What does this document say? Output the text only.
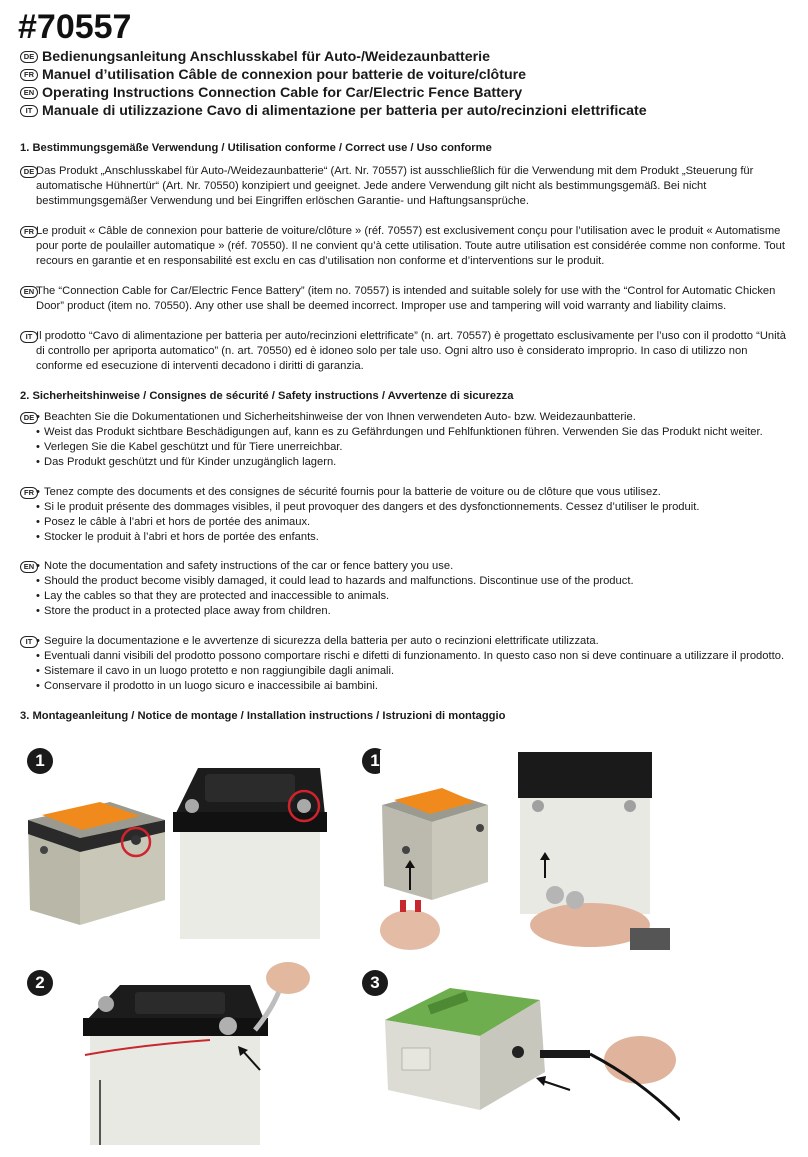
#70557
DE Bedienungsanleitung Anschlusskabel für Auto-/Weidezaunbatterie
FR Manuel d’utilisation Câble de connexion pour batterie de voiture/clôture
EN Operating Instructions Connection Cable for Car/Electric Fence Battery
IT Manuale di utilizzazione Cavo di alimentazione per batteria per auto/recinzioni elettrificate
1. Bestimmungsgemäße Verwendung / Utilisation conforme / Correct use / Uso conforme
DE Das Produkt „Anschlusskabel für Auto-/Weidezaunbatterie“ (Art. Nr. 70557) ist ausschließlich für die Verwendung mit dem Produkt „Steuerung für automatische Hühnertür“ (Art. Nr. 70550) konzipiert und geeignet. Jede andere Verwendung gilt nicht als bestimmungsgemäß. Bei nicht bestimmungsgemäßer Verwendung und bei Eingriffen erlöschen Garantie- und Haftungsansprüche.
FR Le produit « Câble de connexion pour batterie de voiture/clôture » (réf. 70557) est exclusivement conçu pour l’utilisation avec le produit « Automatisme pour porte de poulailler automatique » (réf. 70550). Il ne convient qu’à cette utilisation. Toute autre utilisation est considérée comme non conforme. Tout recours en garantie et en responsabilité est exclu en cas d’utilisation non conforme et d’interventions sur le produit.
EN The “Connection Cable for Car/Electric Fence Battery” (item no. 70557) is intended and suitable solely for use with the “Control for Automatic Chicken Door” product (item no. 70550). Any other use shall be deemed incorrect. Improper use and tampering will void warranty and liability claims.
IT Il prodotto “Cavo di alimentazione per batteria per auto/recinzioni elettrificate” (n. art. 70557) è progettato esclusivamente per l’uso con il prodotto “Unità di controllo per apriporta automatico” (n. art. 70550) ed è idoneo solo per tale uso. Ogni altro uso è considerato improprio. In caso di utilizzo non conforme ed esecuzione di interventi decadono i diritti di garanzia.
2. Sicherheitshinweise / Consignes de sécurité / Safety instructions / Avvertenze di sicurezza
DE • Beachten Sie die Dokumentationen und Sicherheitshinweise der von Ihnen verwendeten Auto- bzw. Weidezaunbatterie.
• Weist das Produkt sichtbare Beschädigungen auf, kann es zu Gefährdungen und Fehlfunktionen führen. Verwenden Sie das Produkt nicht weiter.
• Verlegen Sie die Kabel geschützt und für Tiere unerreichbar.
• Das Produkt geschützt und für Kinder unzugänglich lagern.
FR • Tenez compte des documents et des consignes de sécurité fournis pour la batterie de voiture ou de clôture que vous utilisez.
• Si le produit présente des dommages visibles, il peut provoquer des dangers et des dysfonctionnements. Cessez d’utiliser le produit.
• Posez le câble à l’abri et hors de portée des animaux.
• Stocker le produit à l’abri et hors de portée des enfants.
EN • Note the documentation and safety instructions of the car or fence battery you use.
• Should the product become visibly damaged, it could lead to hazards and malfunctions. Discontinue use of the product.
• Lay the cables so that they are protected and inaccessible to animals.
• Store the product in a protected place away from children.
IT	• Seguire la documentazione e le avvertenze di sicurezza della batteria per auto o recinzioni elettrificate utilizzata.
• Eventuali danni visibili del prodotto possono comportare rischi e difetti di funzionamento. In questo caso non si deve continuare a utilizzare il prodotto.
• Sistemare il cavo in un luogo protetto e non raggiungibile dagli animali.
• Conservare il prodotto in un luogo sicuro e inaccessibile ai bambini.
3. Montageanleitung / Notice de montage / Installation instructions / Istruzioni di montaggio
1	1
2	3
